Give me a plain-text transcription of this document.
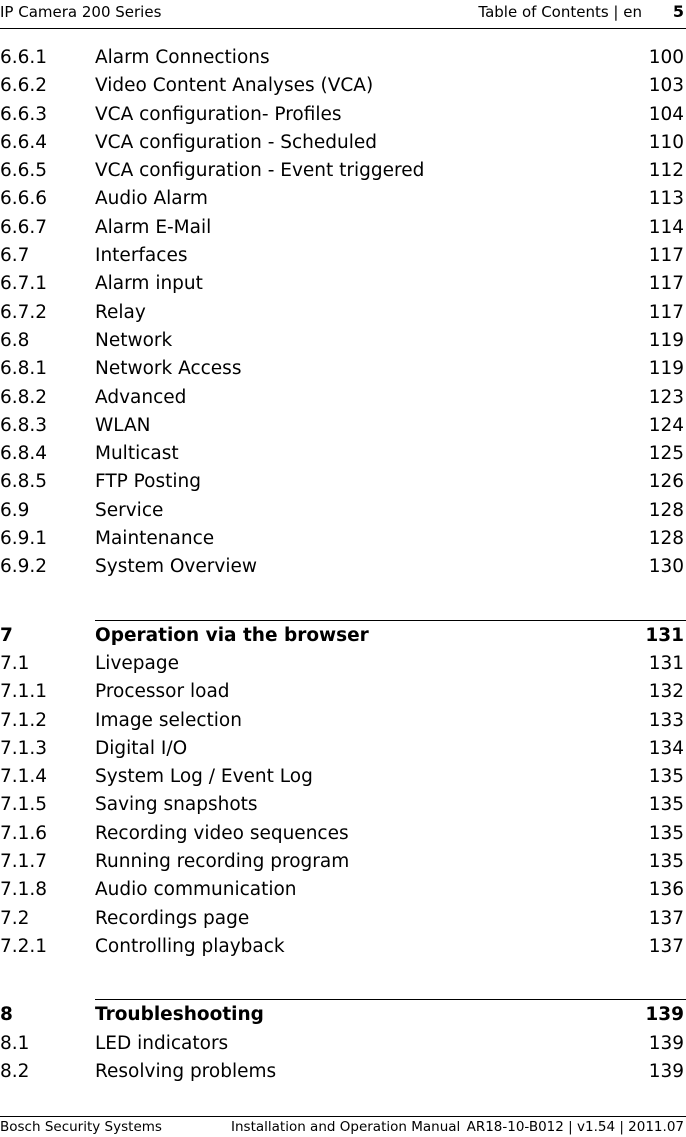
IP Camera 200 Series	Table of Contents | en 5
6.6.1	Alarm Connections	100
6.6.2	Video Content Analyses (VCA)	103
6.6.3	VCA configuration- Profiles	104
6.6.4	VCA configuration - Scheduled	110
6.6.5	VCA configuration - Event triggered	112
6.6.6	Audio Alarm	113
6.6.7	Alarm E-Mail	114
6.7	Interfaces	117
6.7.1	Alarm input	117
6.7.2	Relay	117
6.8	Network	119
6.8.1	Network Access	119
6.8.2	Advanced	123
6.8.3	WLAN	124
6.8.4	Multicast	125
6.8.5	FTP Posting	126
6.9	Service	128
6.9.1	Maintenance	128
6.9.2	System Overview	130
7	Operation via the browser	131
7.1	Livepage	131
7.1.1	Processor load	132
7.1.2	Image selection	133
7.1.3	Digital I/O	134
7.1.4	System Log / Event Log	135
7.1.5	Saving snapshots	135
7.1.6	Recording video sequences	135
7.1.7	Running recording program	135
7.1.8	Audio communication	136
7.2	Recordings page	137
7.2.1	Controlling playback	137
8	Troubleshooting	139
8.1	LED indicators	139
8.2	Resolving problems	139
Bosch Security Systems	Installation and Operation Manual AR18-10-B012 | v1.54 | 2011.07
